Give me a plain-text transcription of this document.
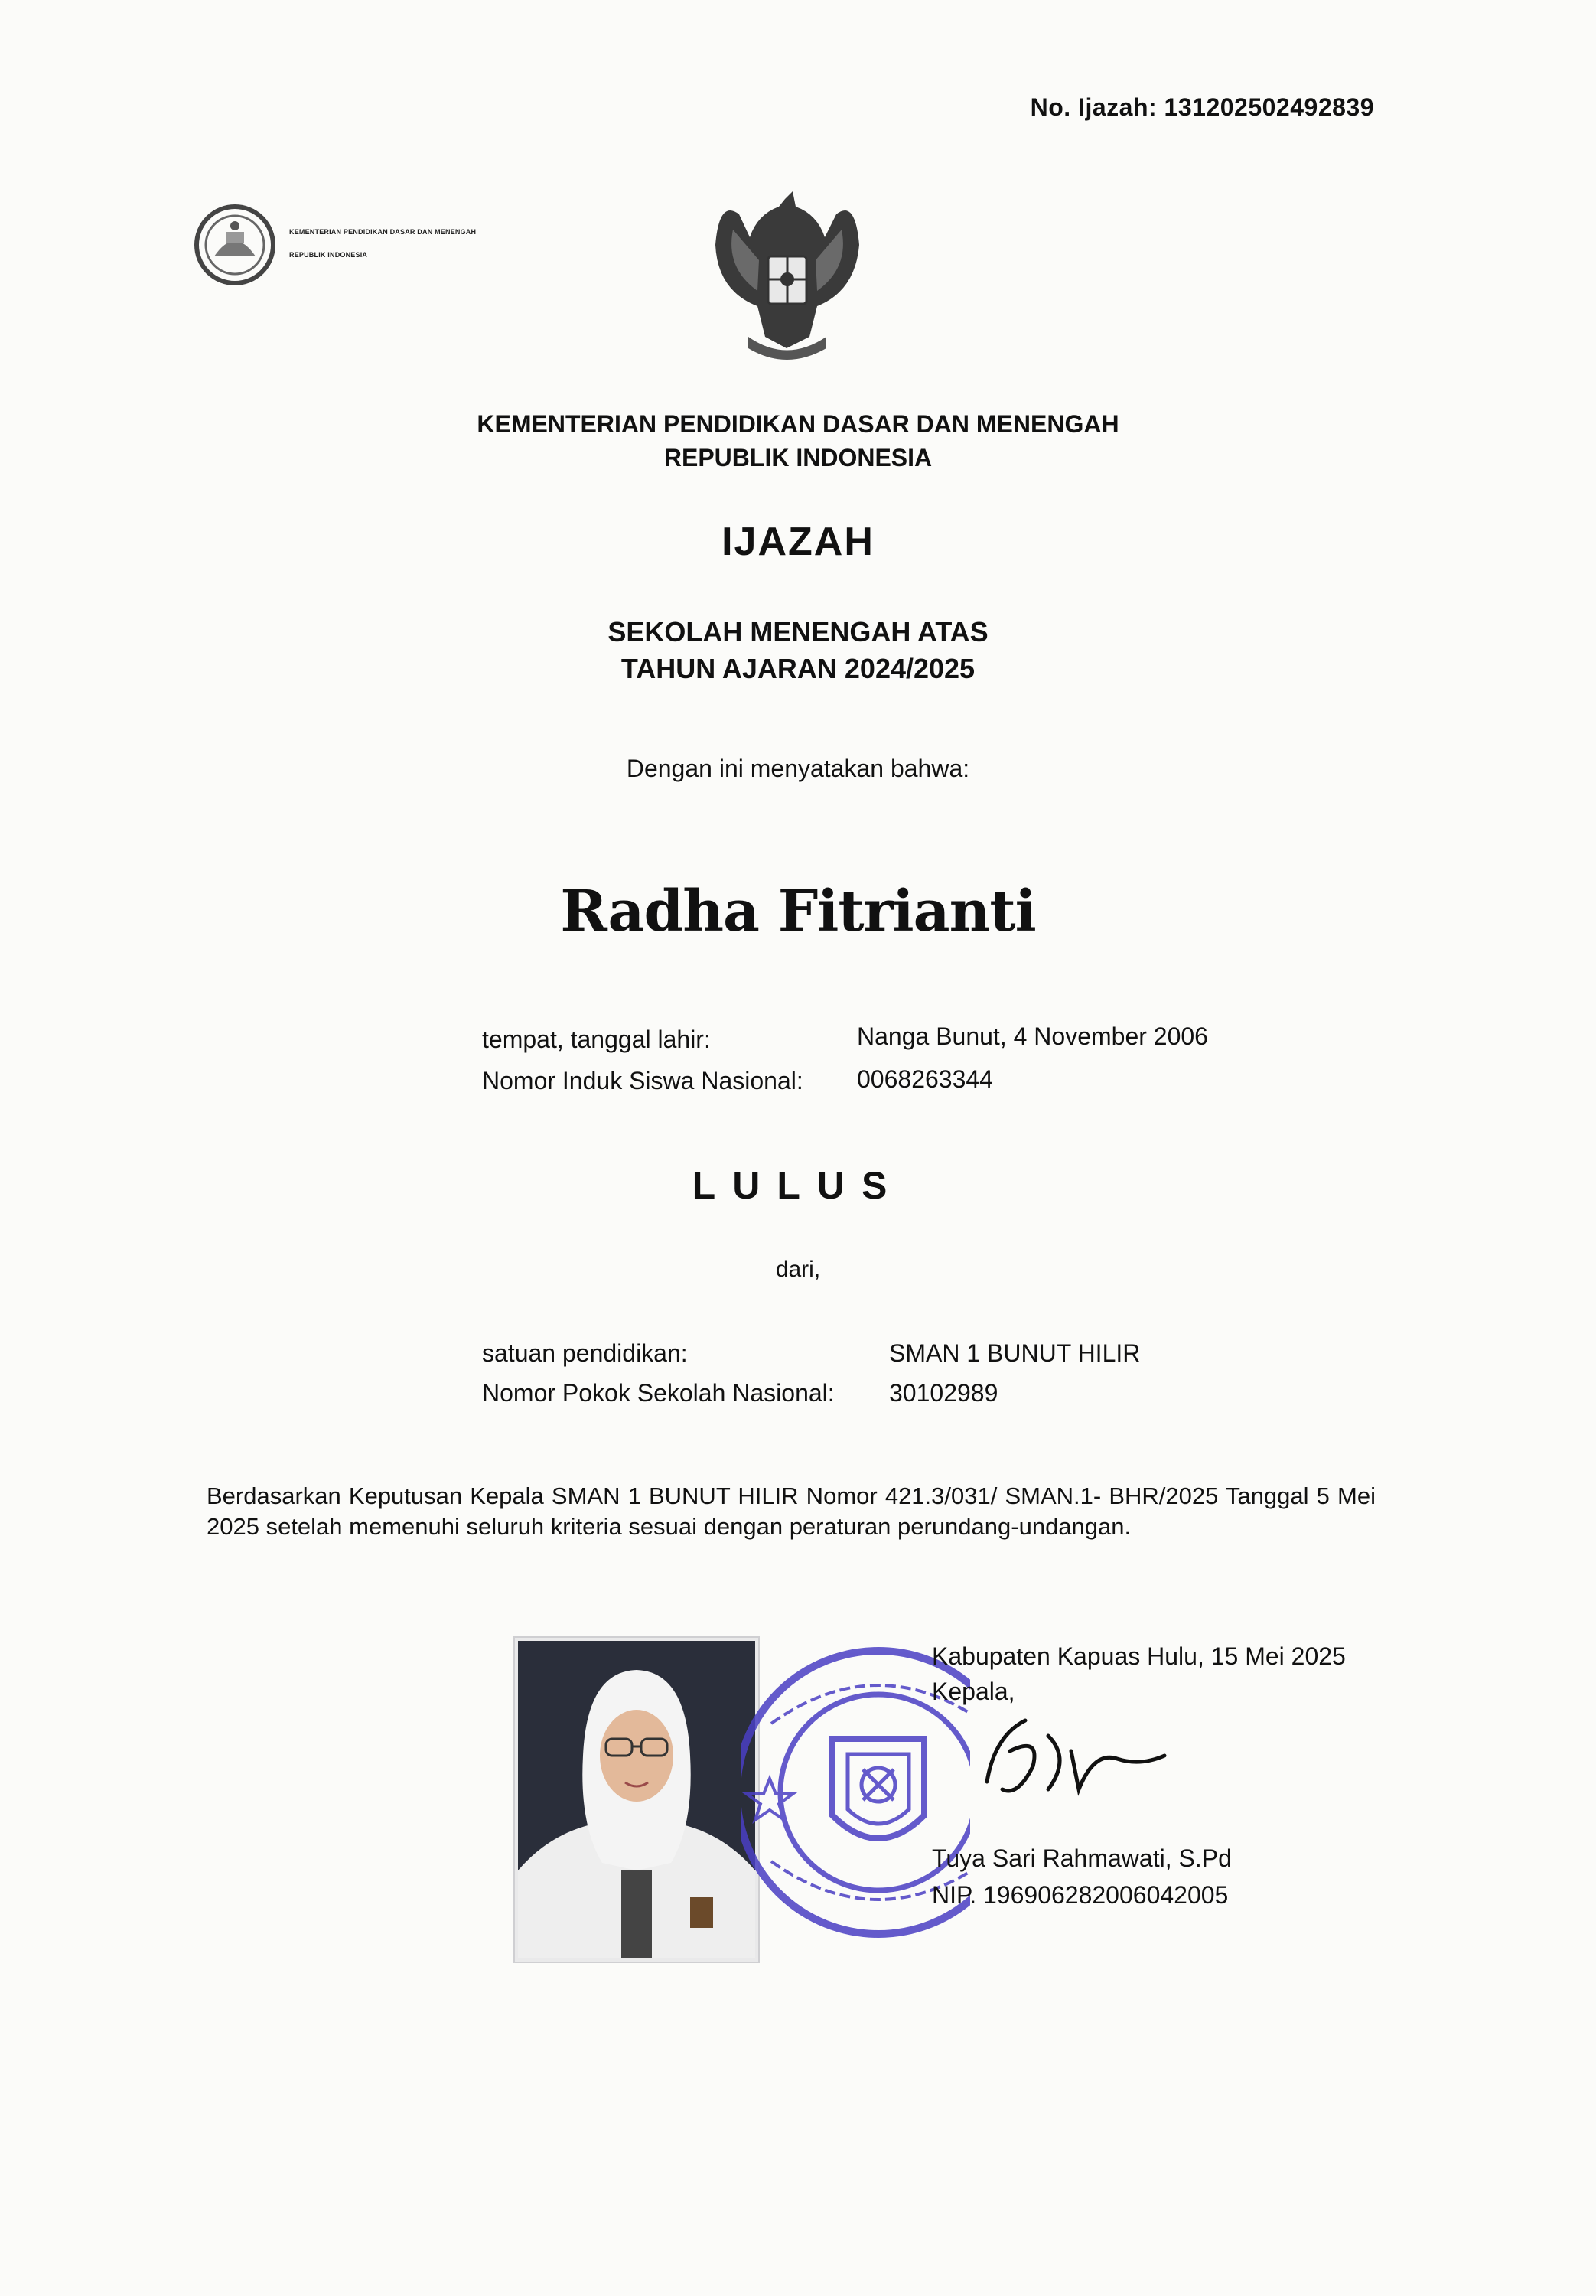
No. Ijazah: 131202502492839
KEMENTERIAN PENDIDIKAN DASAR DAN MENENGAH
REPUBLIK INDONESIA
KEMENTERIAN PENDIDIKAN DASAR DAN MENENGAH
REPUBLIK INDONESIA
IJAZAH
SEKOLAH MENENGAH ATAS
TAHUN AJARAN 2024/2025
Dengan ini menyatakan bahwa:
Radha Fitrianti
tempat, tanggal lahir:	Nanga Bunut, 4 November 2006
Nomor Induk Siswa Nasional: 0068263344
LULUS
dari,
satuan pendidikan:	SMAN 1 BUNUT HILIR
Nomor Pokok Sekolah Nasional: 30102989
Berdasarkan Keputusan Kepala SMAN 1 BUNUT HILIR Nomor 421.3/031/ SMAN.1- BHR/2025 Tanggal 5 Mei 2025 setelah memenuhi seluruh kriteria sesuai dengan peraturan perundang-undangan.
Kabupaten Kapuas Hulu, 15 Mei 2025
Kepala,
Tuya Sari Rahmawati, S.Pd
NIP. 196906282006042005
